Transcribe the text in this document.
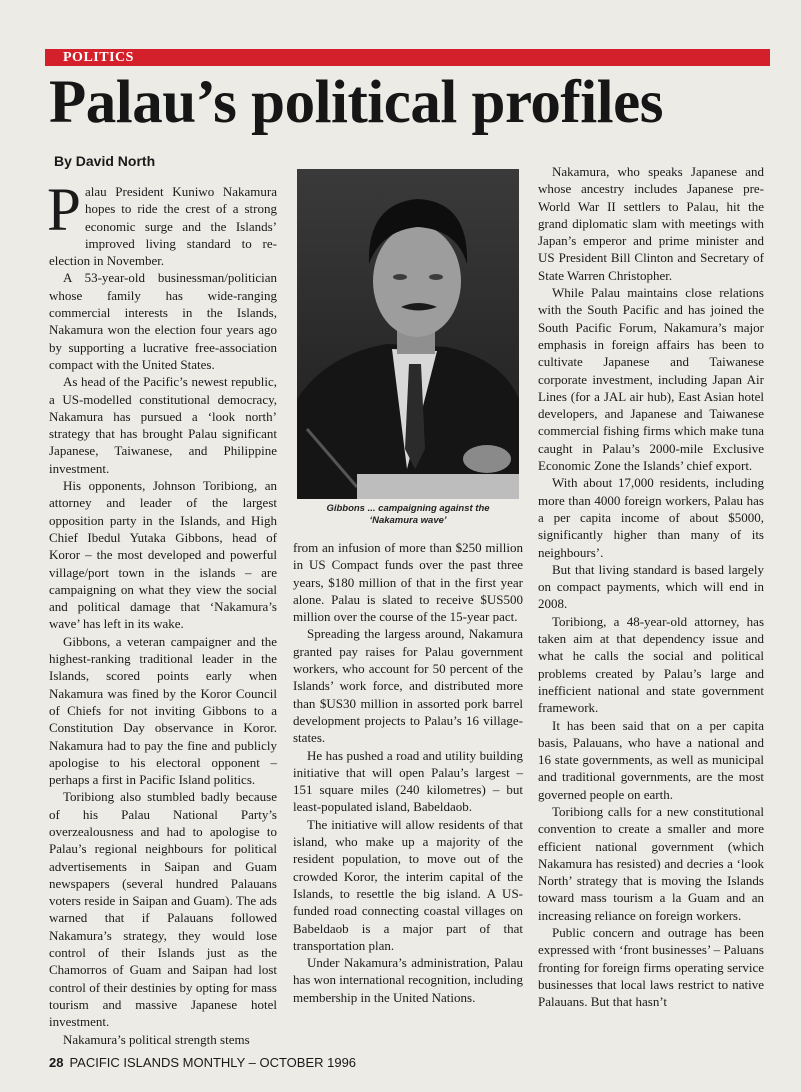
POLITICS
Palau’s political profiles
By David North

Palau President Kuniwo Nakamura hopes to ride the crest of a strong economic surge and the Islands’ improved living standard to re-election in November.

A 53-year-old businessman/politician whose family has wide-ranging commercial interests in the Islands, Nakamura won the election four years ago by supporting a lucrative free-association compact with the United States.

As head of the Pacific’s newest republic, a US-modelled constitutional democracy, Nakamura has pursued a ‘look north’ strategy that has brought Palau significant Japanese, Taiwanese, and Philippine investment.

His opponents, Johnson Toribiong, an attorney and leader of the largest opposition party in the Islands, and High Chief Ibedul Yutaka Gibbons, head of Koror – the most developed and powerful village/port town in the islands – are campaigning on what they view the social and political damage that ‘Nakamura’s wave’ has left in its wake.

Gibbons, a veteran campaigner and the highest-ranking traditional leader in the Islands, scored points early when Nakamura was fined by the Koror Council of Chiefs for not inviting Gibbons to a Constitution Day observance in Koror. Nakamura had to pay the fine and publicly apologise to his electoral opponent – perhaps a first in Pacific Island politics.

Toribiong also stumbled badly because of his Palau National Party’s overzealousness and had to apologise to Palau’s regional neighbours for political advertisements in Saipan and Guam newspapers (several hundred Palauans voters reside in Saipan and Guam). The ads warned that if Palauans followed Nakamura’s strategy, they would lose control of their Islands just as the Chamorros of Guam and Saipan had lost control of their destinies by opting for mass tourism and massive Japanese hotel investment.

Nakamura’s political strength stems

Gibbons ... campaigning against the
‘Nakamura wave’

from an infusion of more than $250 million in US Compact funds over the past three years, $180 million of that in the first year alone. Palau is slated to receive $US500 million over the course of the 15-year pact.

Spreading the largess around, Nakamura granted pay raises for Palau government workers, who account for 50 percent of the Islands’ work force, and distributed more than $US30 million in assorted pork barrel development projects to Palau’s 16 village-states.

He has pushed a road and utility building initiative that will open Palau’s largest – 151 square miles (240 kilometres) – but least-populated island, Babeldaob.

The initiative will allow residents of that island, who make up a majority of the resident population, to move out of the crowded Koror, the interim capital of the Islands, to resettle the big island. A US-funded road connecting coastal villages on Babeldaob is a major part of that transportation plan.

Under Nakamura’s administration, Palau has won international recognition, including membership in the United Nations.

Nakamura, who speaks Japanese and whose ancestry includes Japanese pre-World War II settlers to Palau, hit the grand diplomatic slam with meetings with Japan’s emperor and prime minister and US President Bill Clinton and Secretary of State Warren Christopher.

While Palau maintains close relations with the South Pacific and has joined the South Pacific Forum, Nakamura’s major emphasis in foreign affairs has been to cultivate Japanese and Taiwanese corporate investment, including Japan Air Lines (for a JAL air hub), East Asian hotel developers, and Japanese and Taiwanese commercial fishing firms which make tuna caught in Palau’s 2000-mile Exclusive Economic Zone the Islands’ chief export.

With about 17,000 residents, including more than 4000 foreign workers, Palau has a per capita income of about $5000, significantly higher than many of its neighbours’.

But that living standard is based largely on compact payments, which will end in 2008.

Toribiong, a 48-year-old attorney, has taken aim at that dependency issue and what he calls the social and political problems created by Palau’s large and inefficient national and state government framework.

It has been said that on a per capita basis, Palauans, who have a national and 16 state governments, as well as municipal and traditional governments, are the most governed people on earth.

Toribiong calls for a new constitutional convention to create a smaller and more efficient national government (which Nakamura has resisted) and decries a ‘look North’ strategy that is moving the Islands toward mass tourism a la Guam and an increasing reliance on foreign workers.

Public concern and outrage has been expressed with ‘front businesses’ – Paluans fronting for foreign firms operating service businesses that local laws restrict to native Palauans. But that hasn’t

28 PACIFIC ISLANDS MONTHLY – OCTOBER 1996
